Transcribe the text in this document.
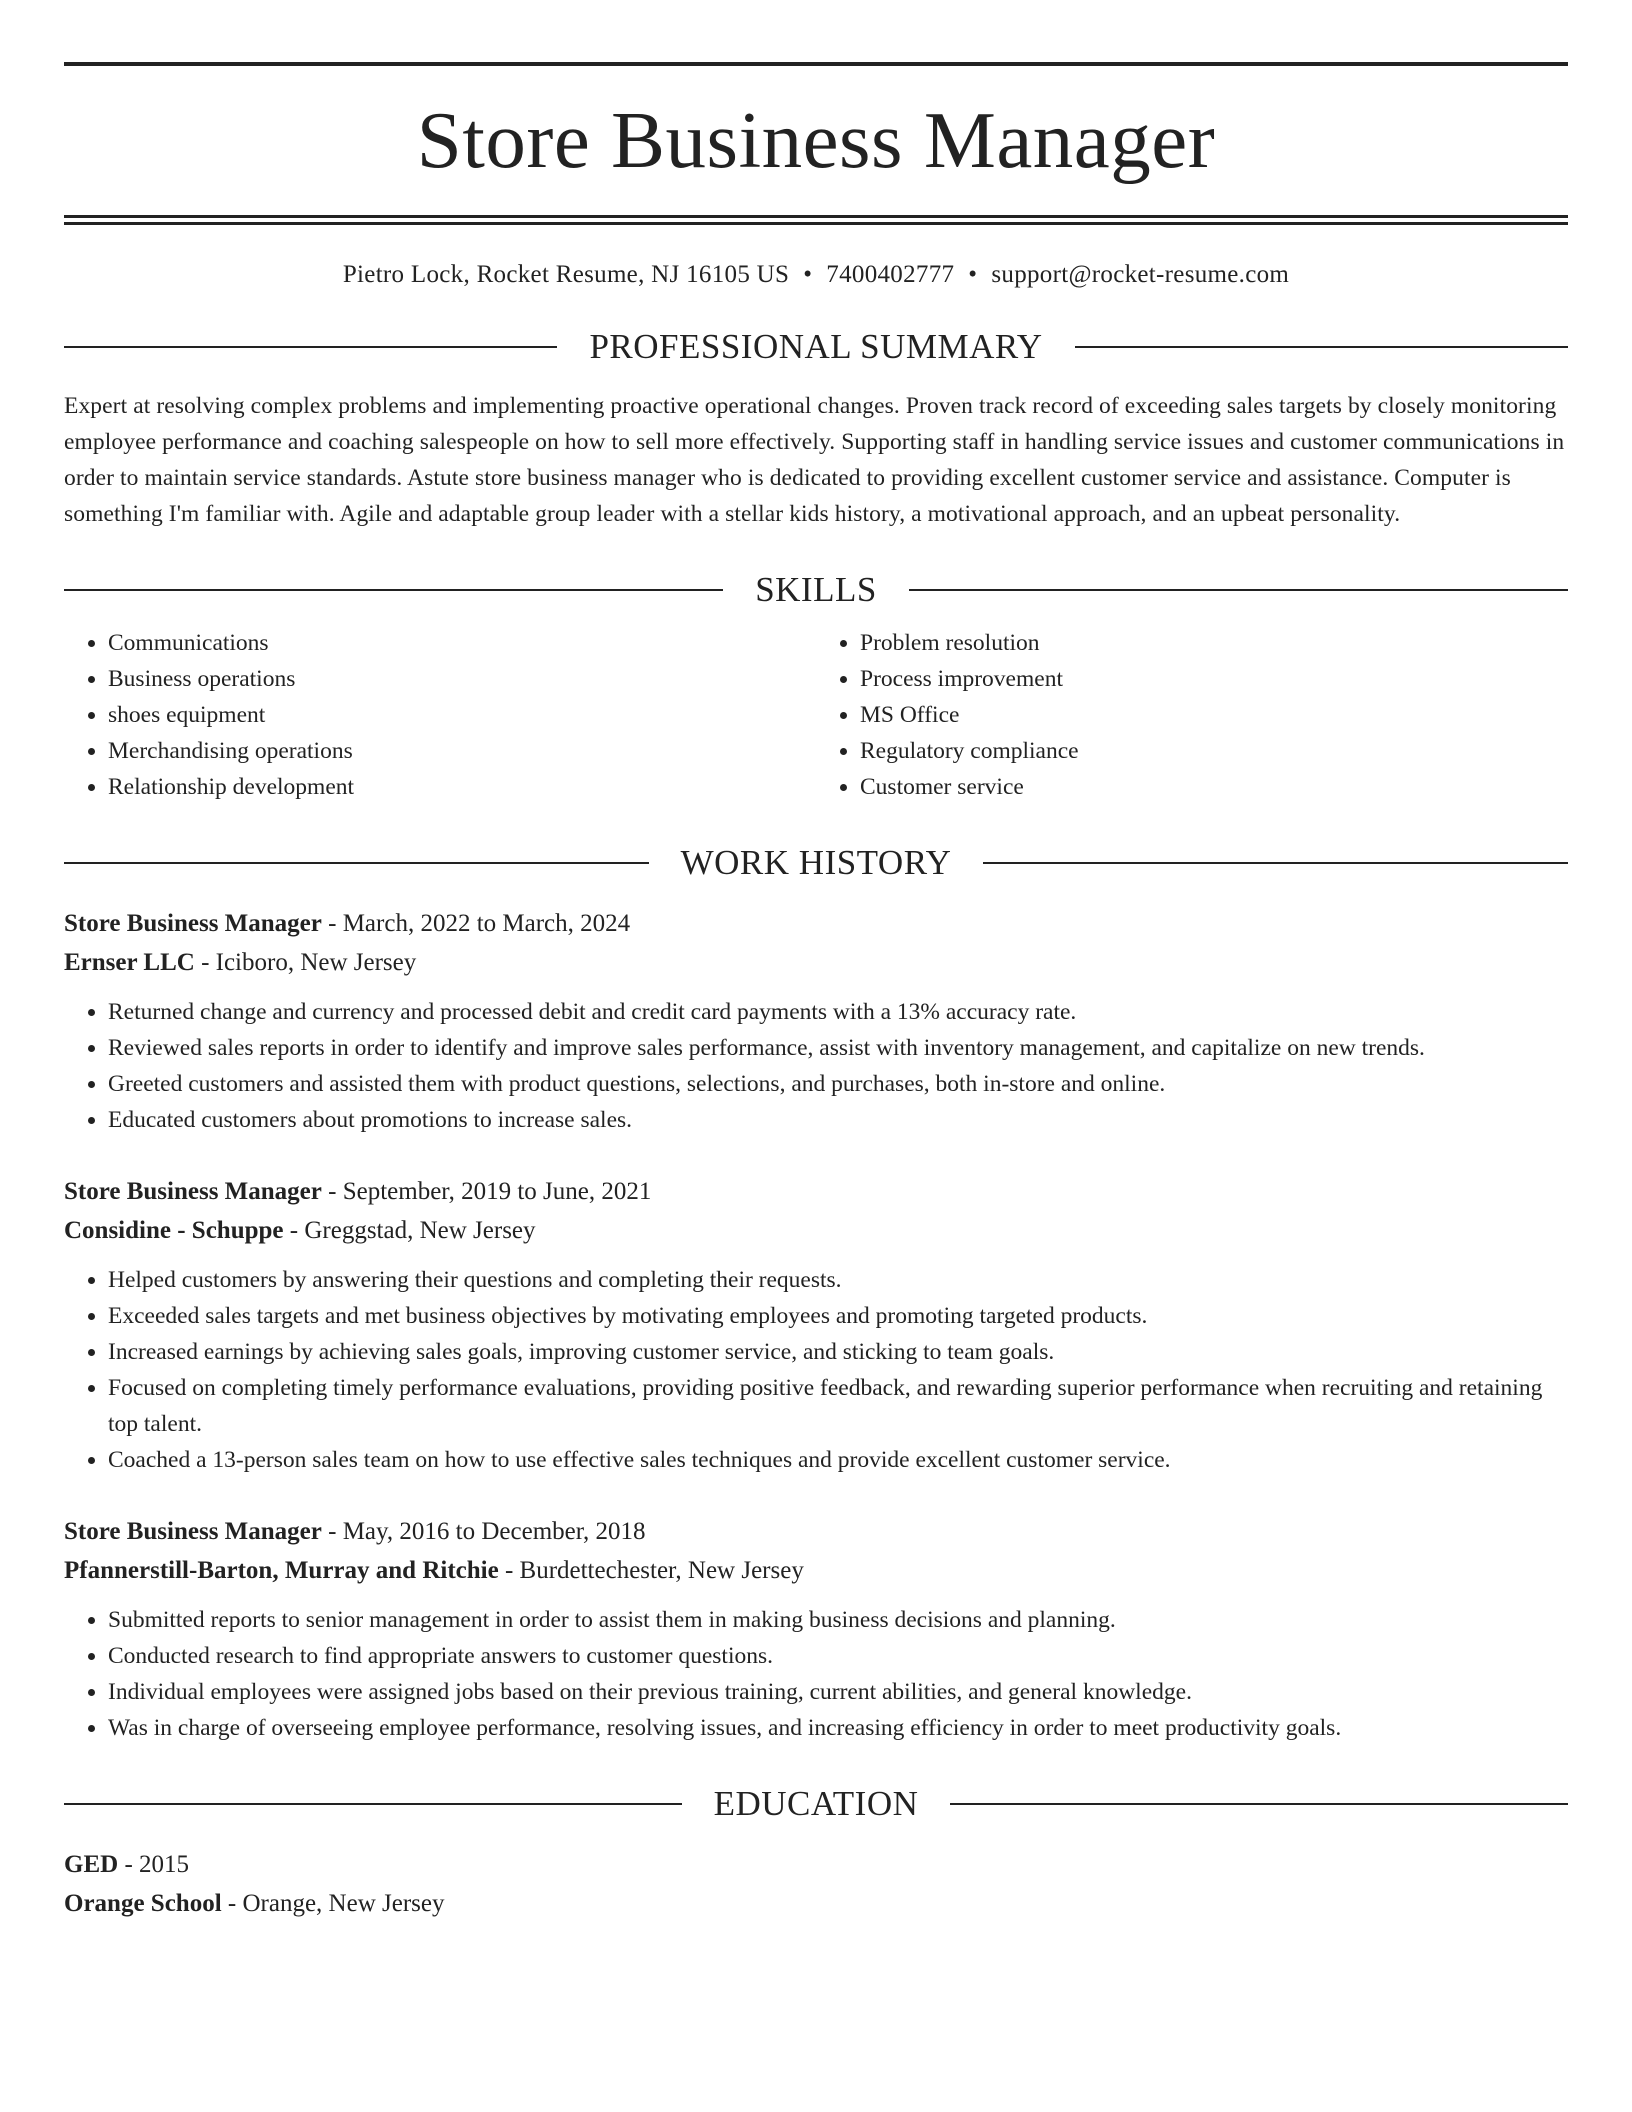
Store Business Manager
Pietro Lock, Rocket Resume, NJ 16105 US • 7400402777 • support@rocket-resume.com
PROFESSIONAL SUMMARY
Expert at resolving complex problems and implementing proactive operational changes. Proven track record of exceeding sales targets by closely monitoring employee performance and coaching salespeople on how to sell more effectively. Supporting staff in handling service issues and customer communications in order to maintain service standards. Astute store business manager who is dedicated to providing excellent customer service and assistance. Computer is something I'm familiar with. Agile and adaptable group leader with a stellar kids history, a motivational approach, and an upbeat personality.
SKILLS
• Communications
• Business operations
• shoes equipment
• Merchandising operations
• Relationship development
• Problem resolution
• Process improvement
• MS Office
• Regulatory compliance
• Customer service
WORK HISTORY
Store Business Manager - March, 2022 to March, 2024
Ernser LLC - Iciboro, New Jersey
• Returned change and currency and processed debit and credit card payments with a 13% accuracy rate.
• Reviewed sales reports in order to identify and improve sales performance, assist with inventory management, and capitalize on new trends.
• Greeted customers and assisted them with product questions, selections, and purchases, both in-store and online.
• Educated customers about promotions to increase sales.
Store Business Manager - September, 2019 to June, 2021
Considine - Schuppe - Greggstad, New Jersey
• Helped customers by answering their questions and completing their requests.
• Exceeded sales targets and met business objectives by motivating employees and promoting targeted products.
• Increased earnings by achieving sales goals, improving customer service, and sticking to team goals.
• Focused on completing timely performance evaluations, providing positive feedback, and rewarding superior performance when recruiting and retaining top talent.
• Coached a 13-person sales team on how to use effective sales techniques and provide excellent customer service.
Store Business Manager - May, 2016 to December, 2018
Pfannerstill-Barton, Murray and Ritchie - Burdettechester, New Jersey
• Submitted reports to senior management in order to assist them in making business decisions and planning.
• Conducted research to find appropriate answers to customer questions.
• Individual employees were assigned jobs based on their previous training, current abilities, and general knowledge.
• Was in charge of overseeing employee performance, resolving issues, and increasing efficiency in order to meet productivity goals.
EDUCATION
GED - 2015
Orange School - Orange, New Jersey
